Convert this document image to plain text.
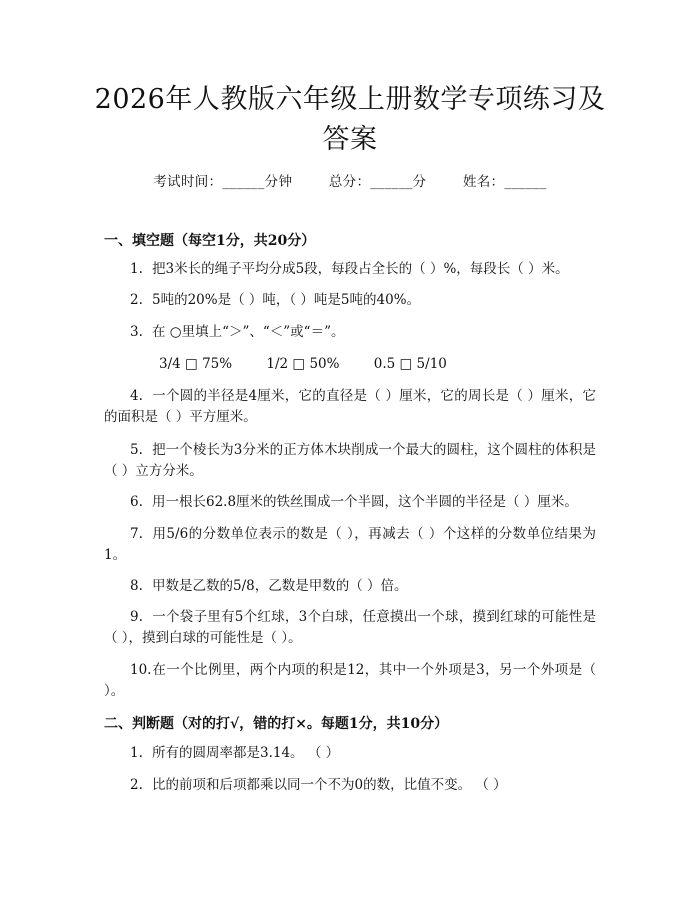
2026年人教版六年级上册数学专项练习及答案
考试时间：______分钟	总分：______分	姓名：______
一、填空题（每空1分，共20分）
1. 把3米长的绳子平均分成5段，每段占全长的（ ）%，每段长（ ）米。
2. 5吨的20%是（ ）吨，（ ）吨是5吨的40%。
3. 在 ○里填上“＞”、“＜”或“＝”。
3/4 □ 75%	1/2 □ 50%	0.5 □ 5/10
4. 一个圆的半径是4厘米，它的直径是（ ）厘米，它的周长是（ ）厘米，它的面积是（ ）平方厘米。
5. 把一个棱长为3分米的正方体木块削成一个最大的圆柱，这个圆柱的体积是（ ）立方分米。
6. 用一根长62.8厘米的铁丝围成一个半圆，这个半圆的半径是（ ）厘米。
7. 用5/6的分数单位表示的数是（ ），再减去（ ）个这样的分数单位结果为1。
8. 甲数是乙数的5/8，乙数是甲数的（ ）倍。
9. 一个袋子里有5个红球，3个白球，任意摸出一个球，摸到红球的可能性是（ ），摸到白球的可能性是（ ）。
10.在一个比例里，两个内项的积是12，其中一个外项是3，另一个外项是（ ）。
二、判断题（对的打√，错的打×。每题1分，共10分）
1. 所有的圆周率都是3.14。 （ ）
2. 比的前项和后项都乘以同一个不为0的数，比值不变。 （ ）
